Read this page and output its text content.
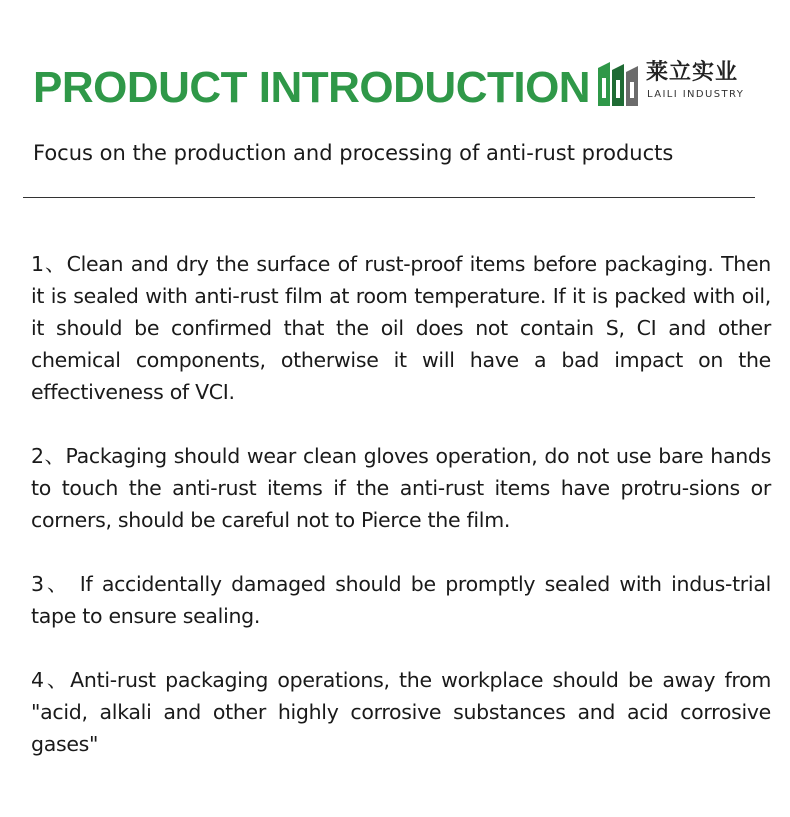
PRODUCT INTRODUCTION	莱立实业
LAILI INDUSTRY

Focus on the production and processing of anti-rust products

1、Clean and dry the surface of rust-proof items before packaging. Then it is sealed with anti-rust film at room temperature. If it is packed with oil, it should be confirmed that the oil does not contain S, CI and other chemical components, otherwise it will have a bad impact on the effectiveness of VCI.

2、Packaging should wear clean gloves operation, do not use bare hands to touch the anti-rust items if the anti-rust items have protru-sions or corners, should be careful not to Pierce the film.

3、 If accidentally damaged should be promptly sealed with indus-trial tape to ensure sealing.

4、Anti-rust packaging operations, the workplace should be away from "acid, alkali and other highly corrosive substances and acid corrosive gases"
